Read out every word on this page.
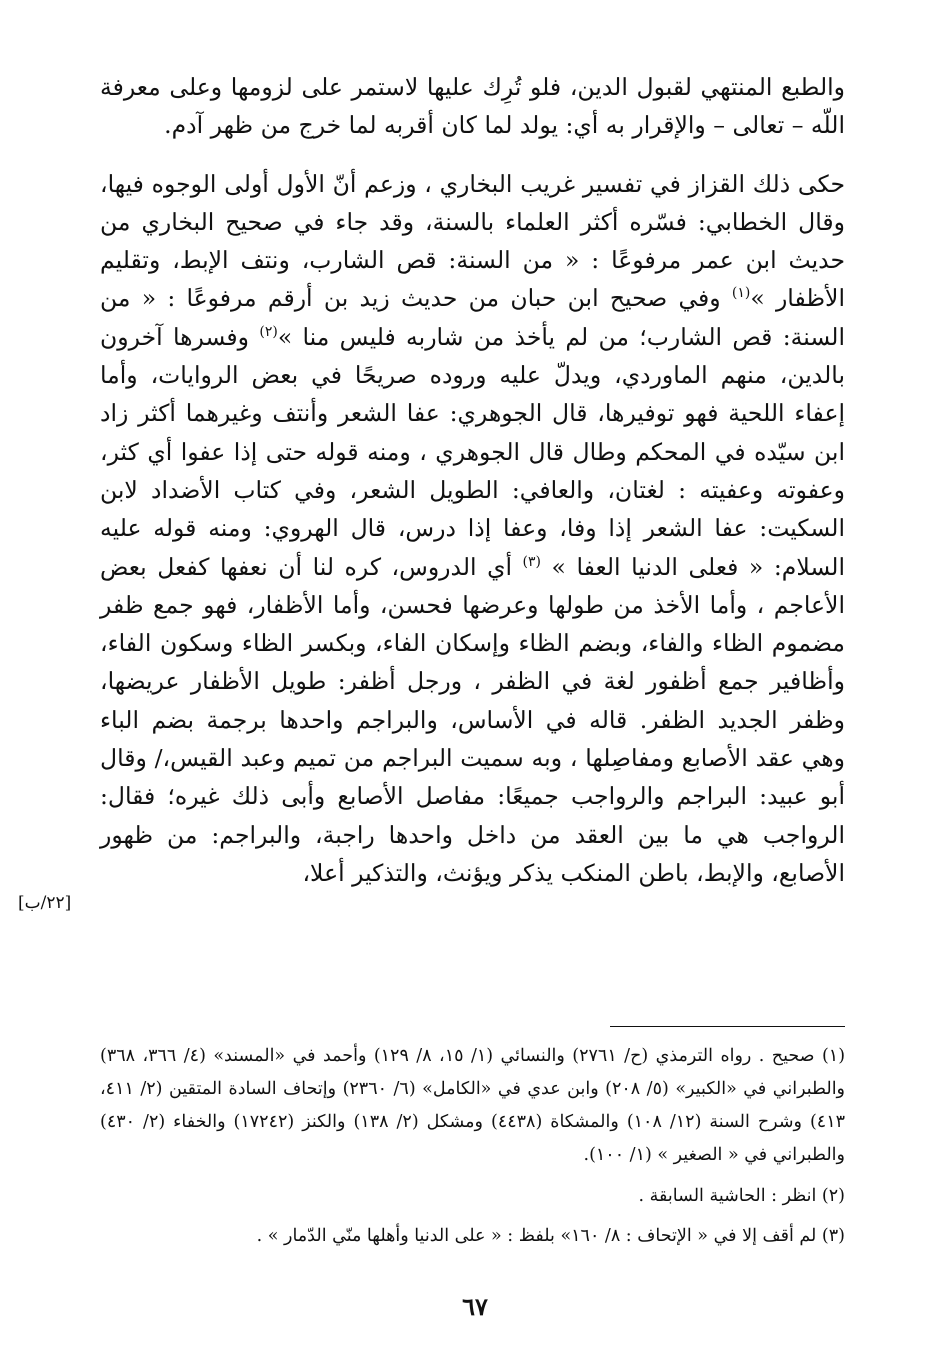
والطبع المنتهي لقبول الدين، فلو تُرِك عليها لاستمر على لزومها وعلى معرفة اللّه – تعالى – والإقرار به أي: يولد لما كان أقربه لما خرج من ظهر آدم.

حكى ذلك القزاز في تفسير غريب البخاري ، وزعم أنّ الأول أولى الوجوه فيها، وقال الخطابي: فسّره أكثر العلماء بالسنة، وقد جاء في صحيح البخاري من حديث ابن عمر مرفوعًا : « من السنة: قص الشارب، ونتف الإبط، وتقليم الأظفار »$^{(١)}$ وفي صحيح ابن حبان من حديث زيد بن أرقم مرفوعًا : « من السنة: قص الشارب؛ من لم يأخذ من شاربه فليس منا »$^{(٢)}$ وفسرها آخرون بالدين، منهم الماوردي، ويدلّ عليه وروده صريحًا في بعض الروايات، وأما إعفاء اللحية فهو توفيرها، قال الجوهري: عفا الشعر وأنتف وغيرهما أكثر زاد ابن سيّده في المحكم وطال قال الجوهري ، ومنه قوله حتى إذا عفوا أي كثر، وعفوته وعفيته : لغتان، والعافي: الطويل الشعر، وفي كتاب الأضداد لابن السكيت: عفا الشعر إذا وفا، وعفا إذا درس، قال الهروي: ومنه قوله عليه السلام: « فعلى الدنيا العفا » $^{(٣)}$ أي الدروس، كره لنا أن نعفها كفعل بعض الأعاجم ، وأما الأخذ من طولها وعرضها فحسن، وأما الأظفار، فهو جمع ظفر مضموم الظاء والفاء، وبضم الظاء وإسكان الفاء، وبكسر الظاء وسكون الفاء، وأظافير جمع أظفور لغة في الظفر ، ورجل أظفر: طويل الأظفار عريضها، وظفر الجديد الظفر. قاله في الأساس، والبراجم واحدها برجمة بضم الباء وهي عقد الأصابع ومفاصِلها ، وبه سميت البراجم من تميم وعبد القيس،/ وقال أبو عبيد: البراجم والرواجب جميعًا: مفاصل الأصابع وأبى ذلك غيره؛ فقال: الرواجب هي ما بين العقد من داخل واحدها راجبة، والبراجم: من ظهور الأصابع، والإبط، باطن المنكب يذكر ويؤنث، والتذكير أعلا،

[٢٢/ب]

(١) صحيح . رواه الترمذي (ح/ ٢٧٦١) والنسائي (١/ ١٥، ٨/ ١٢٩) وأحمد في «المسند» (٤/ ٣٦٦، ٣٦٨) والطبراني في «الكبير» (٥/ ٢٠٨) وابن عدي في «الكامل» (٦/ ٢٣٦٠) وإتحاف السادة المتقين (٢/ ٤١١، ٤١٣) وشرح السنة (١٢/ ١٠٨) والمشكاة (٤٤٣٨) ومشكل (٢/ ١٣٨) والكنز (١٧٢٤٢) والخفاء (٢/ ٤٣٠) والطبراني في « الصغير » (١/ ١٠٠).

(٢) انظر : الحاشية السابقة .

(٣) لم أقف إلا في « الإتحاف : ٨/ ١٦٠» بلفظ : « على الدنيا وأهلها منّي الدّمار » .

٦٧
